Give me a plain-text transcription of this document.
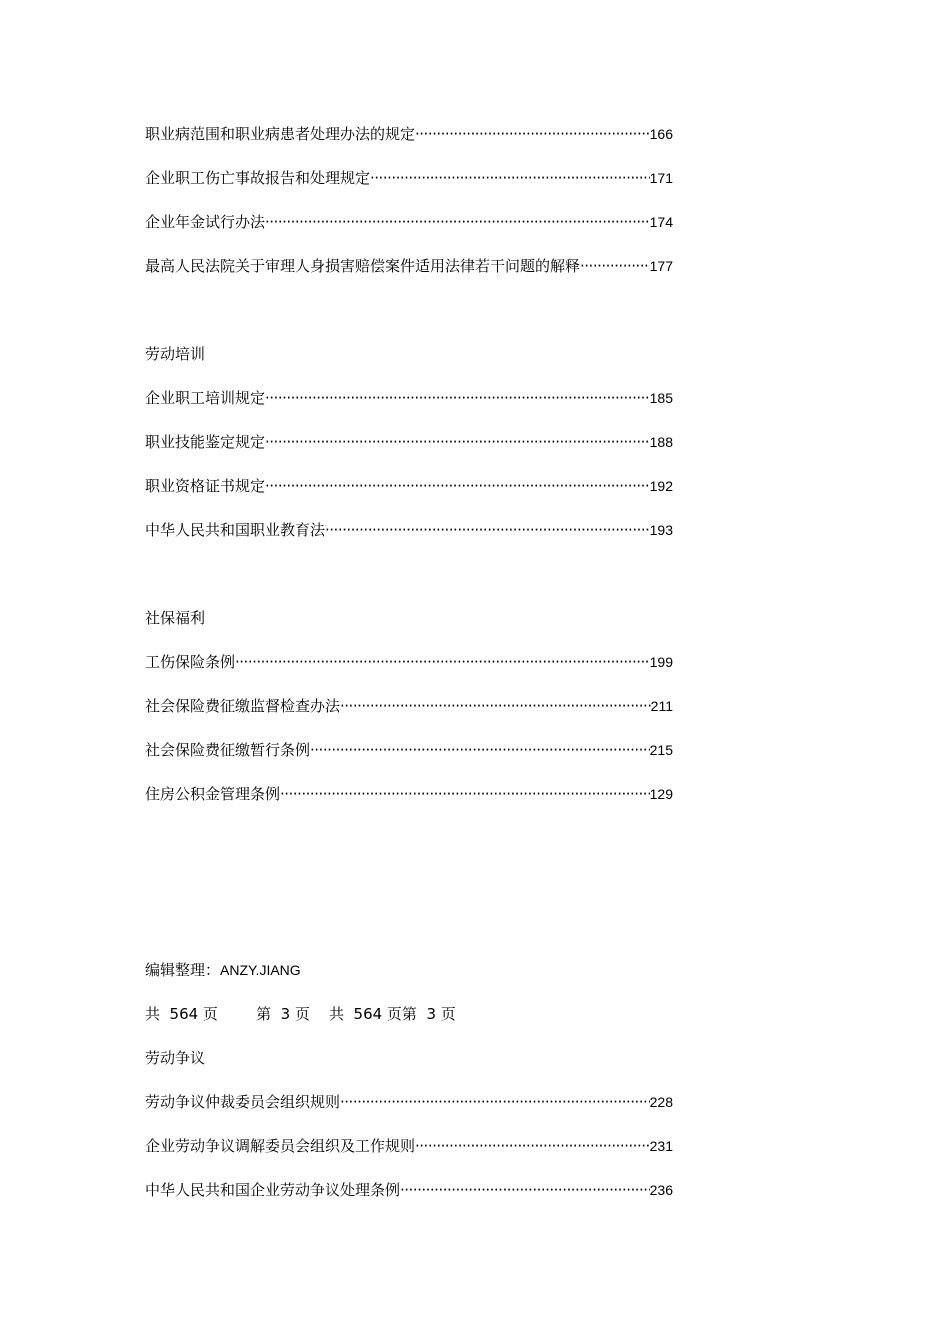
职业病范围和职业病患者处理办法的规定 ·····	166
企业职工伤亡事故报告和处理规定 ·····	171
企业年金试行办法 ·····	174
最高人民法院关于审理人身损害赔偿案件适用法律若干问题的解释 ·····	177
劳动培训
企业职工培训规定 ·····	185
职业技能鉴定规定 ·····	188
职业资格证书规定 ·····	192
中华人民共和国职业教育法 ·····	193
社保福利
工伤保险条例 ·····	199
社会保险费征缴监督检查办法 ·····	211
社会保险费征缴暂行条例 ·····	215
住房公积金管理条例 ·····	129
编辑整理：ANZY.JIANG
共  564 页        第  3 页    共  564 页第  3 页
劳动争议
劳动争议仲裁委员会组织规则 ·····	228
企业劳动争议调解委员会组织及工作规则 ·····	231
中华人民共和国企业劳动争议处理条例 ·····	236
